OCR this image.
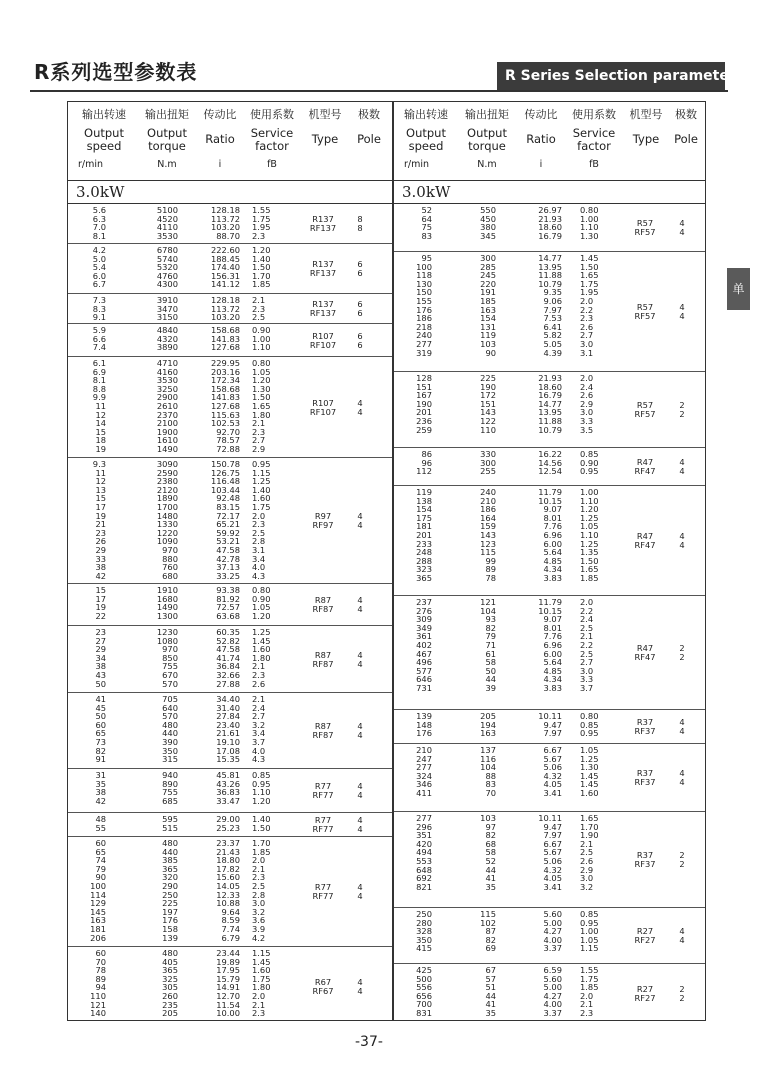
R系列选型参数表	R Series Selection parameter table
单级
输出转速
Output
speed
r/min
输出扭矩
Output
torque
N.m
传动比
Ratio
i
使用系数
Service
factor
fB
机型号
Type
极数
Pole
3.0kW
5.6
6.3
7.0
8.1
5100
4520
4110
3530
128.18
113.72
103.20
88.70
1.55
1.75
1.95
2.3
R137
RF137
8
8
4.2
5.0
5.4
6.0
6.7
6780
5740
5320
4760
4300
222.60
188.45
174.40
156.31
141.12
1.20
1.40
1.50
1.70
1.85
R137
RF137
6
6
7.3
8.3
9.1
3910
3470
3150
128.18
113.72
103.20
2.1
2.3
2.5
R137
RF137
6
6
5.9
6.6
7.4
4840
4320
3890
158.68
141.83
127.68
0.90
1.00
1.10
R107
RF107
6
6
6.1
6.9
8.1
8.8
9.9
11
12
14
15
18
19
4710
4160
3530
3250
2900
2610
2370
2100
1900
1610
1490
229.95
203.16
172.34
158.68
141.83
127.68
115.63
102.53
92.70
78.57
72.88
0.80
1.05
1.20
1.30
1.50
1.65
1.80
2.1
2.3
2.7
2.9
R107
RF107
4
4
9.3
11
12
13
15
17
19
21
23
26
29
33
38
42
3090
2590
2380
2120
1890
1700
1480
1330
1220
1090
970
880
760
680
150.78
126.75
116.48
103.44
92.48
83.15
72.17
65.21
59.92
53.21
47.58
42.78
37.13
33.25
0.95
1.15
1.25
1.40
1.60
1.75
2.0
2.3
2.5
2.8
3.1
3.4
4.0
4.3
R97
RF97
4
4
15
17
19
22
1910
1680
1490
1300
93.38
81.92
72.57
63.68
0.80
0.90
1.05
1.20
R87
RF87
4
4
23
27
29
34
38
43
50
1230
1080
970
850
755
670
570
60.35
52.82
47.58
41.74
36.84
32.66
27.88
1.25
1.45
1.60
1.80
2.1
2.3
2.6
R87
RF87
4
4
41
45
50
60
65
73
82
91
705
640
570
480
440
390
350
315
34.40
31.40
27.84
23.40
21.61
19.10
17.08
15.35
2.1
2.4
2.7
3.2
3.4
3.7
4.0
4.3
R87
RF87
4
4
31
35
38
42
940
890
755
685
45.81
43.26
36.83
33.47
0.85
0.95
1.10
1.20
R77
RF77
4
4
48
55
595
515
29.00
25.23
1.40
1.50
R77
RF77
4
4
60
65
74
79
90
100
114
129
145
163
181
206
480
440
385
365
320
290
250
225
197
176
158
139
23.37
21.43
18.80
17.82
15.60
14.05
12.33
10.88
9.64
8.59
7.74
6.79
1.70
1.85
2.0
2.1
2.3
2.5
2.8
3.0
3.2
3.6
3.9
4.2
R77
RF77
4
4
60
70
78
89
94
110
121
140
480
405
365
325
305
260
235
205
23.44
19.89
17.95
15.79
14.91
12.70
11.54
10.00
1.15
1.45
1.60
1.75
1.80
2.0
2.1
2.3
R67
RF67
4
4
输出转速
Output
speed
r/min
输出扭矩
Output
torque
N.m
传动比
Ratio
i
使用系数
Service
factor
fB
机型号
Type
极数
Pole
3.0kW
52
64
75
83
550
450
380
345
26.97
21.93
18.60
16.79
0.80
1.00
1.10
1.30
R57
RF57
4
4
95
100
118
130
150
155
176
186
218
240
277
319
300
285
245
220
191
185
163
154
131
119
103
90
14.77
13.95
11.88
10.79
9.35
9.06
7.97
7.53
6.41
5.82
5.05
4.39
1.45
1.50
1.65
1.75
1.95
2.0
2.2
2.3
2.6
2.7
3.0
3.1
R57
RF57
4
4
128
151
167
190
201
236
259
225
190
172
151
143
122
110
21.93
18.60
16.79
14.77
13.95
11.88
10.79
2.0
2.4
2.6
2.9
3.0
3.3
3.5
R57
RF57
2
2
86
96
112
330
300
255
16.22
14.56
12.54
0.85
0.90
0.95
R47
RF47
4
4
119
138
154
175
181
201
233
248
288
323
365
240
210
186
164
159
143
123
115
99
89
78
11.79
10.15
9.07
8.01
7.76
6.96
6.00
5.64
4.85
4.34
3.83
1.00
1.10
1.20
1.25
1.05
1.10
1.25
1.35
1.50
1.65
1.85
R47
RF47
4
4
237
276
309
349
361
402
467
496
577
646
731
121
104
93
82
79
71
61
58
50
44
39
11.79
10.15
9.07
8.01
7.76
6.96
6.00
5.64
4.85
4.34
3.83
2.0
2.2
2.4
2.5
2.1
2.2
2.5
2.7
3.0
3.3
3.7
R47
RF47
2
2
139
148
176
205
194
163
10.11
9.47
7.97
0.80
0.85
0.95
R37
RF37
4
4
210
247
277
324
346
411
137
116
104
88
83
70
6.67
5.67
5.06
4.32
4.05
3.41
1.05
1.25
1.30
1.45
1.45
1.60
R37
RF37
4
4
277
296
351
420
494
553
648
692
821
103
97
82
68
58
52
44
41
35
10.11
9.47
7.97
6.67
5.67
5.06
4.32
4.05
3.41
1.65
1.70
1.90
2.1
2.5
2.6
2.9
3.0
3.2
R37
RF37
2
2
250
280
328
350
415
115
102
87
82
69
5.60
5.00
4.27
4.00
3.37
0.85
0.95
1.00
1.05
1.15
R27
RF27
4
4
425
500
556
656
700
831
67
57
51
44
41
35
6.59
5.60
5.00
4.27
4.00
3.37
1.55
1.75
1.85
2.0
2.1
2.3
R27
RF27
2
2
-37-
